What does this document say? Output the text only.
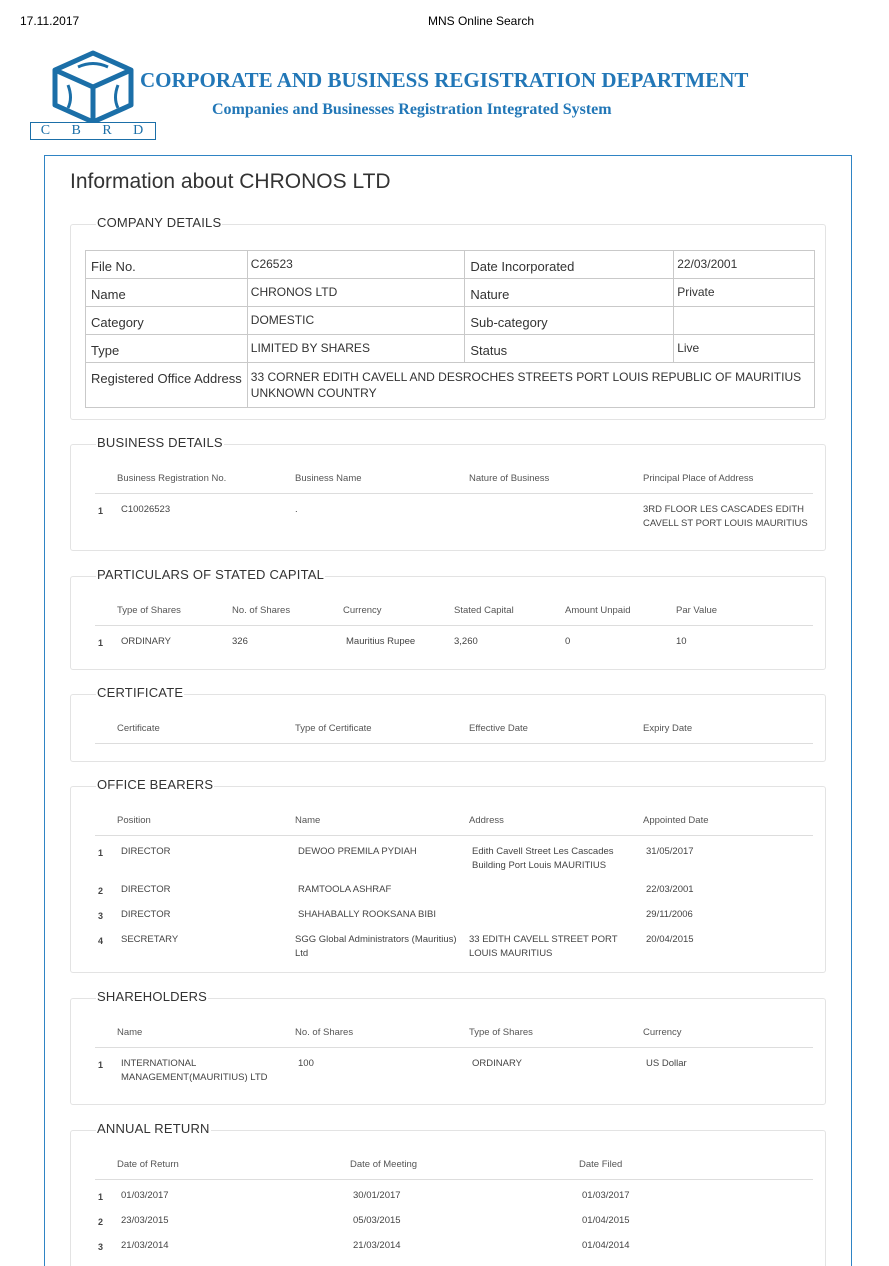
17.11.2017	MNS Online Search
C B R D
CORPORATE AND BUSINESS REGISTRATION DEPARTMENT
Companies and Businesses Registration Integrated System
Information about CHRONOS LTD
COMPANY DETAILS
File No.	C26523	Date Incorporated	22/03/2001
Name	CHRONOS LTD	Nature	Private
Category	DOMESTIC	Sub-category	
Type	LIMITED BY SHARES	Status	Live
Registered Office Address	33 CORNER EDITH CAVELL AND DESROCHES STREETS PORT LOUIS REPUBLIC OF MAURITIUS UNKNOWN COUNTRY		
BUSINESS DETAILS
Business Registration No.		Business Name	Nature of Business	Principal Place of Address

1	C10026523	.		3RD FLOOR LES CASCADES EDITH CAVELL ST PORT LOUIS MAURITIUS
PARTICULARS OF STATED CAPITAL
Type of Shares		No. of Shares	Currency	Stated Capital	Amount Unpaid	Par Value

1	ORDINARY	326	Mauritius Rupee	3,260	0	10
CERTIFICATE
Certificate	Type of Certificate	Effective Date	Expiry Date
OFFICE BEARERS
Position		Name	Address	Appointed Date

1	DIRECTOR	DEWOO PREMILA PYDIAH	Edith Cavell Street Les Cascades Building Port Louis MAURITIUS	31/05/2017

2	DIRECTOR	RAMTOOLA ASHRAF		22/03/2001

3	DIRECTOR	SHAHABALLY ROOKSANA BIBI		29/11/2006

4	SECRETARY	SGG Global Administrators (Mauritius) Ltd	33 EDITH CAVELL STREET PORT LOUIS MAURITIUS	20/04/2015
SHAREHOLDERS
Name		No. of Shares	Type of Shares	Currency

1	INTERNATIONAL MANAGEMENT(MAURITIUS) LTD	100	ORDINARY	US Dollar
ANNUAL RETURN
Date of Return		Date of Meeting	Date Filed

1	01/03/2017	30/01/2017	01/03/2017

2	23/03/2015	05/03/2015	01/04/2015

3	21/03/2014	21/03/2014	01/04/2014
